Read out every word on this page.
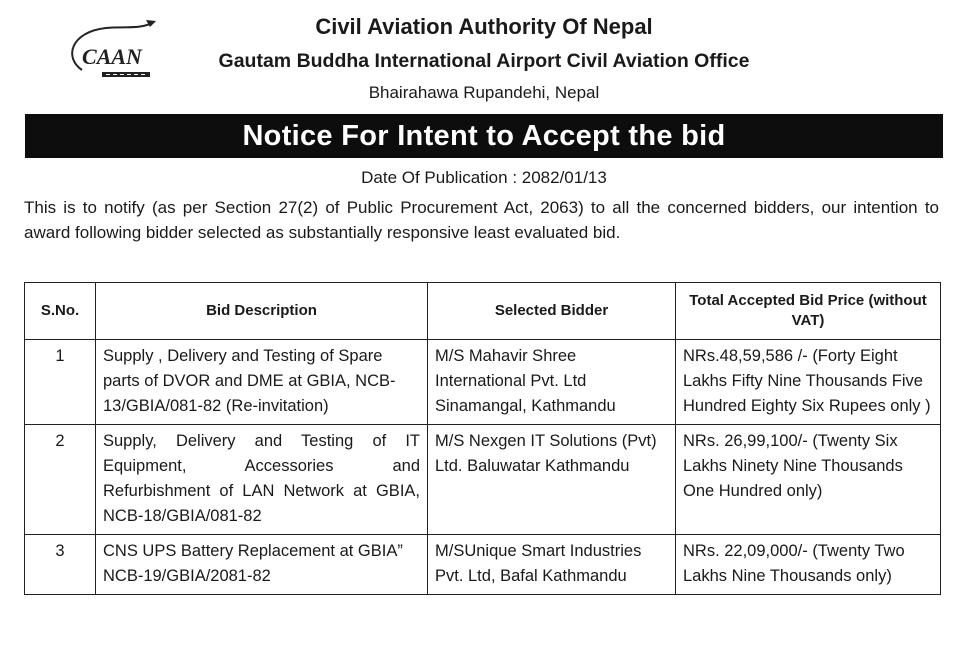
CAAN
Civil Aviation Authority Of Nepal
Gautam Buddha International Airport Civil Aviation Office
Bhairahawa Rupandehi, Nepal
Notice For Intent to Accept the bid
Date Of Publication : 2082/01/13

This is to notify (as per Section 27(2) of Public Procurement Act, 2063) to all the concerned bidders, our intention to award following bidder selected as substantially responsive least evaluated bid.

S.No.	Bid Description	Selected Bidder	Total Accepted Bid Price (without VAT)
1	Supply , Delivery and Testing of Spare parts of DVOR and DME at GBIA, NCB-13/GBIA/081-82 (Re-invitation)	M/S Mahavir Shree International Pvt. Ltd Sinamangal, Kathmandu	NRs.48,59,586 /- (Forty Eight Lakhs Fifty Nine Thousands Five Hundred Eighty Six Rupees only )
2	Supply, Delivery and Testing of IT Equipment, Accessories and Refurbishment of LAN Network at GBIA, NCB-18/GBIA/081-82	M/S Nexgen IT Solutions (Pvt) Ltd. Baluwatar Kathmandu	NRs. 26,99,100/- (Twenty Six Lakhs Ninety Nine Thousands One Hundred only)
3	CNS UPS Battery Replacement at GBIA” NCB-19/GBIA/2081-82	M/SUnique Smart Industries Pvt. Ltd, Bafal Kathmandu	NRs. 22,09,000/- (Twenty Two Lakhs Nine Thousands only)
